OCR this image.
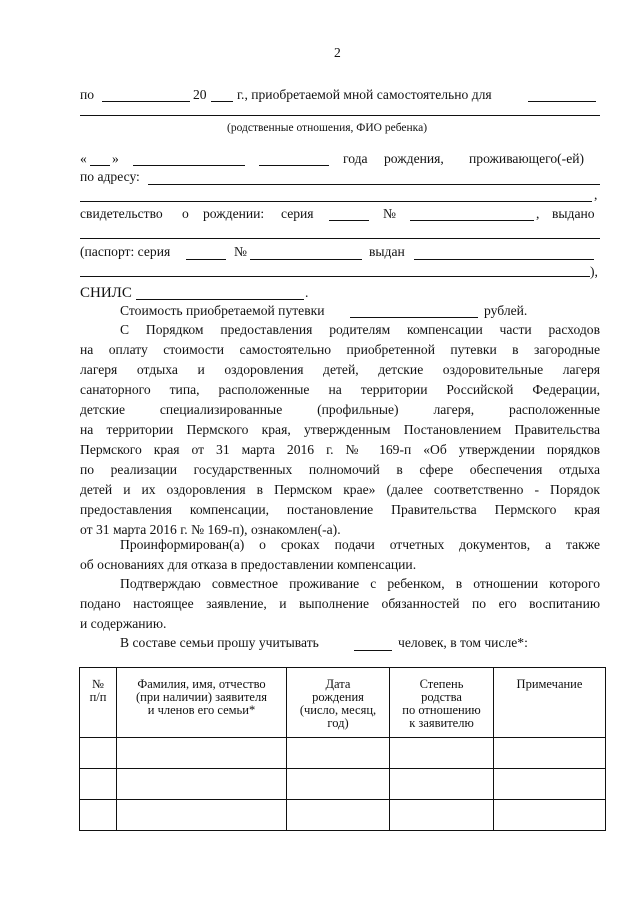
2
по	20 г., приобретаемой мной самостоятельно для
(родственные отношения, ФИО ребенка)
« »	года рождения, проживающего(-ей)
по адресу:
,
свидетельство о рождении: серия	№	, выдано
(паспорт: серия	№	выдан
),
СНИЛС	.
Стоимость приобретаемой путевки	рублей.
С Порядком предоставления родителям компенсации части расходов
на оплату стоимости самостоятельно приобретенной путевки в загородные
лагеря отдыха и оздоровления детей, детские оздоровительные лагеря
санаторного типа, расположенные на территории Российской Федерации,
детские специализированные (профильные) лагеря, расположенные
на территории Пермского края, утвержденным Постановлением Правительства
Пермского края от 31 марта 2016 г. № 169-п «Об утверждении порядков
по реализации государственных полномочий в сфере обеспечения отдыха
детей и их оздоровления в Пермском крае» (далее соответственно - Порядок
предоставления компенсации, постановление Правительства Пермского края
от 31 марта 2016 г. № 169-п), ознакомлен(-а).
Проинформирован(а) о сроках подачи отчетных документов, а также
об основаниях для отказа в предоставлении компенсации.
Подтверждаю совместное проживание с ребенком, в отношении которого
подано настоящее заявление, и выполнение обязанностей по его воспитанию
и содержанию.
В составе семьи прошу учитывать	человек, в том числе*:
№
п/п	Фамилия, имя, отчество
(при наличии) заявителя
и членов его семьи*	Дата
рождения
(число, месяц,
год)	Степень
родства
по отношению
к заявителю	Примечание
